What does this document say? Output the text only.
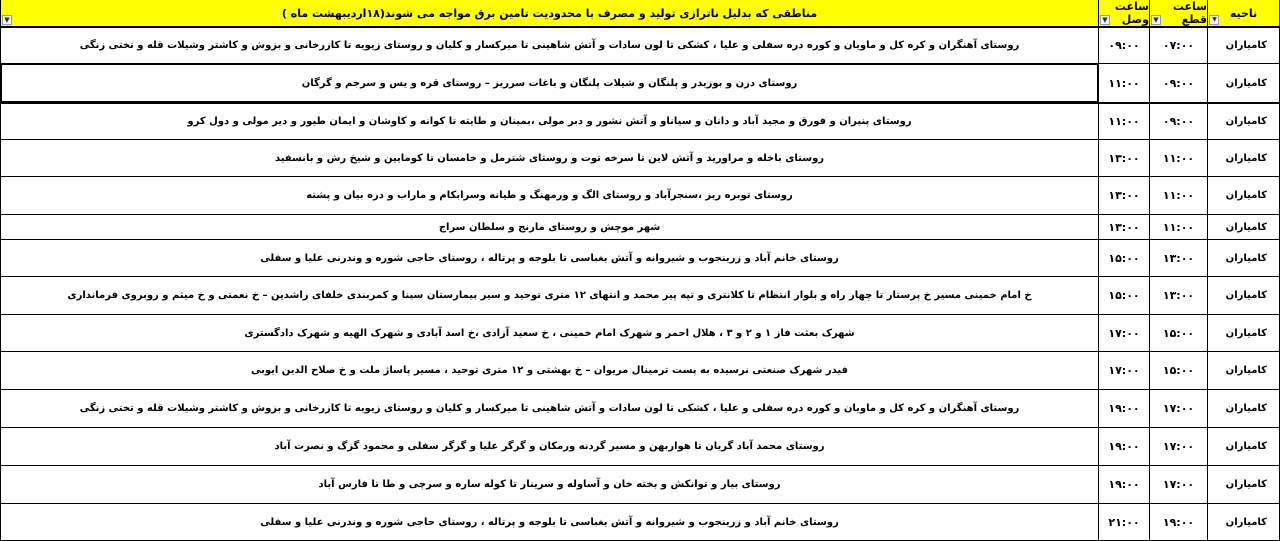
ناحیه
▼
ساعت قطع
▼
ساعت وصل
▼
مناطقی که بدلیل ناترازی تولید و مصرف با محدودیت تامین برق مواجه می شوند(۱۸اردیبهشت ماه )
▼
کامیاران
۰۷:۰۰
۰۹:۰۰
روستای آهنگران و کره کل و ماویان و کوره دره سفلی و علیا ، کشکی تا لون سادات و آتش شاهینی تا میرکسار و کلیان و روستای زیویه تا کازرخانی و بزوش و کاشتر وشیلات قله و تختی زنگی
کامیاران
۰۹:۰۰
۱۱:۰۰
روستای دزن و بوزیدر و پلنگان و شیلات پلنگان و باغات سرریز – روستای قره و یس و سرجم و گرگان
کامیاران
۰۹:۰۰
۱۱:۰۰
روستای پنیران و فورق و مجید آباد و دانان و سیاناو و آتش نشور و دبر مولی ،بمینان و طایته تا کوانه و کاوشان و ایمان طیور و دیر مولی و دول کرو
کامیاران
۱۱:۰۰
۱۳:۰۰
روستای باخله و مراورید و آتش لاین تا سرخه توت و روستای شترمل و خامسان تا کومایین و شیخ رش و بانسفید
کامیاران
۱۱:۰۰
۱۳:۰۰
روستای توبره ریز ،سنجرآباد و روستای الگ و ورمهنگ و طیانه وسرابکام و ماراب و دره بیان و پشته
کامیاران
۱۱:۰۰
۱۳:۰۰
شهر موچش و روستای مارنج و سلطان سراج
کامیاران
۱۳:۰۰
۱۵:۰۰
روستای خانم آباد و زرینجوب و شیروانه و آتش یغباسی تا بلوجه و پرتاله ، روستای حاجی شوره و وندرنی علیا و سفلی
کامیاران
۱۳:۰۰
۱۵:۰۰
خ امام خمینی مسیر خ پرستار تا چهار راه و بلوار انتظام تا کلانتری و تپه پیر محمد و انتهای ۱۲ متری توحید و سیر بیمارستان سینا و کمربندی خلفای راشدین – خ نعمتی و خ میثم و روبروی فرمانداری
کامیاران
۱۵:۰۰
۱۷:۰۰
شهرک بعثت فاز ۱ و ۲ و ۳ ، هلال احمر و شهرک امام خمینی ، خ سعید آزادی ،خ اسد آبادی و شهرک الهیه و شهرک دادگستری
کامیاران
۱۵:۰۰
۱۷:۰۰
فیدر شهرک صنعتی نرسیده به پست ترمینال مریوان – خ بهشتی و ۱۲ متری توحید ، مسیر پاساژ ملت و خ صلاح الدین ایوبی
کامیاران
۱۷:۰۰
۱۹:۰۰
روستای آهنگران و کره کل و ماویان و کوره دره سفلی و علیا ، کشکی تا لون سادات و آتش شاهینی تا میرکسار و کلیان و روستای زیویه تا کازرخانی و بزوش و کاشتر وشیلات قله و تختی زنگی
کامیاران
۱۷:۰۰
۱۹:۰۰
روستای محمد آباد گریان تا هواربهن و مسیر گردنه ورمکان و گرگر علیا و گرگر سفلی و محمود گزگ و نصرت آباد
کامیاران
۱۷:۰۰
۱۹:۰۰
روستای بیار و توانکش و بخته خان و آساوله و سرینار تا کوله ساره و سرچی و طا تا فارس آباد
کامیاران
۱۹:۰۰
۲۱:۰۰
روستای خانم آباد و زرینجوب و شیروانه و آتش یغباسی تا بلوجه و پرتاله ، روستای حاجی شوره و وندرنی علیا و سفلی
